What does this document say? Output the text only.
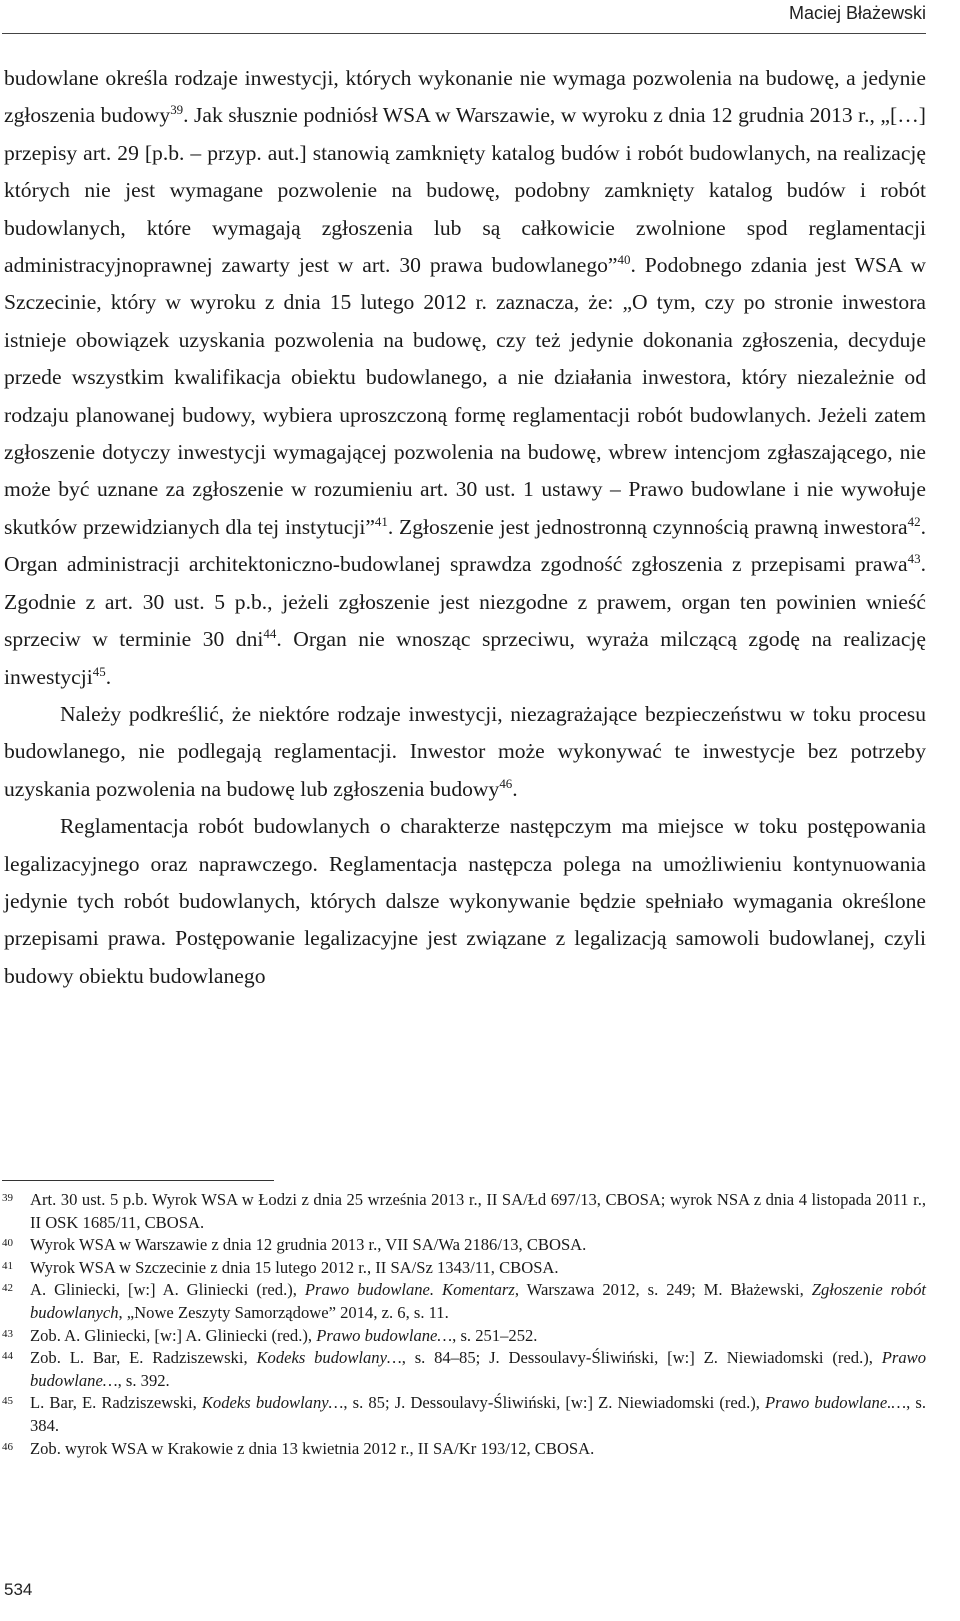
Maciej Błażewski

budowlane określa rodzaje inwestycji, których wykonanie nie wymaga pozwolenia na budowę, a jedynie zgłoszenia budowy$^{39}$. Jak słusznie podniósł WSA w Warszawie, w wyroku z dnia 12 grudnia 2013 r., „[…] przepisy art. 29 [p.b. – przyp. aut.] stanowią zamknięty katalog budów i robót budowlanych, na realizację których nie jest wymagane pozwolenie na budowę, podobny zamknięty katalog budów i robót budowlanych, które wymagają zgłoszenia lub są całkowicie zwolnione spod reglamentacji administracyjnoprawnej zawarty jest w art. 30 prawa budowlanego”$^{40}$. Podobnego zdania jest WSA w Szczecinie, który w wyroku z dnia 15 lutego 2012 r. zaznacza, że: „O tym, czy po stronie inwestora istnieje obowiązek uzyskania pozwolenia na budowę, czy też jedynie dokonania zgłoszenia, decyduje przede wszystkim kwalifikacja obiektu budowlanego, a nie działania inwestora, który niezależnie od rodzaju planowanej budowy, wybiera uproszczoną formę reglamentacji robót budowlanych. Jeżeli zatem zgłoszenie dotyczy inwestycji wymagającej pozwolenia na budowę, wbrew intencjom zgłaszającego, nie może być uznane za zgłoszenie w rozumieniu art. 30 ust. 1 ustawy – Prawo budowlane i nie wywołuje skutków przewidzianych dla tej instytucji”$^{41}$. Zgłoszenie jest jednostronną czynnością prawną inwestora$^{42}$. Organ administracji architektoniczno-budowlanej sprawdza zgodność zgłoszenia z przepisami prawa$^{43}$. Zgodnie z art. 30 ust. 5 p.b., jeżeli zgłoszenie jest niezgodne z prawem, organ ten powinien wnieść sprzeciw w terminie 30 dni$^{44}$. Organ nie wnosząc sprzeciwu, wyraża milczącą zgodę na realizację inwestycji$^{45}$.

Należy podkreślić, że niektóre rodzaje inwestycji, niezagrażające bezpieczeństwu w toku procesu budowlanego, nie podlegają reglamentacji. Inwestor może wykonywać te inwestycje bez potrzeby uzyskania pozwolenia na budowę lub zgłoszenia budowy$^{46}$.

Reglamentacja robót budowlanych o charakterze następczym ma miejsce w toku postępowania legalizacyjnego oraz naprawczego. Reglamentacja następcza polega na umożliwieniu kontynuowania jedynie tych robót budowlanych, których dalsze wykonywanie będzie spełniało wymagania określone przepisami prawa. Postępowanie legalizacyjne jest związane z legalizacją samowoli budowlanej, czyli budowy obiektu budowlanego

39	Art. 30 ust. 5 p.b. Wyrok WSA w Łodzi z dnia 25 września 2013 r., II SA/Łd 697/13, CBOSA; wyrok NSA z dnia 4 listopada 2011 r., II OSK 1685/11, CBOSA.
40	Wyrok WSA w Warszawie z dnia 12 grudnia 2013 r., VII SA/Wa 2186/13, CBOSA.
41	Wyrok WSA w Szczecinie z dnia 15 lutego 2012 r., II SA/Sz 1343/11, CBOSA.
42	A. Gliniecki, [w:] A. Gliniecki (red.), Prawo budowlane. Komentarz, Warszawa 2012, s. 249; M. Błażewski, Zgłoszenie robót budowlanych, „Nowe Zeszyty Samorządowe” 2014, z. 6, s. 11.
43	Zob. A. Gliniecki, [w:] A. Gliniecki (red.), Prawo budowlane…, s. 251–252.
44	Zob. L. Bar, E. Radziszewski, Kodeks budowlany…, s. 84–85; J. Dessoulavy-Śliwiński, [w:] Z. Niewiadomski (red.), Prawo budowlane…, s. 392.
45	L. Bar, E. Radziszewski, Kodeks budowlany…, s. 85; J. Dessoulavy-Śliwiński, [w:] Z. Niewiadomski (red.), Prawo budowlane.…, s. 384.
46	Zob. wyrok WSA w Krakowie z dnia 13 kwietnia 2012 r., II SA/Kr 193/12, CBOSA.
534
